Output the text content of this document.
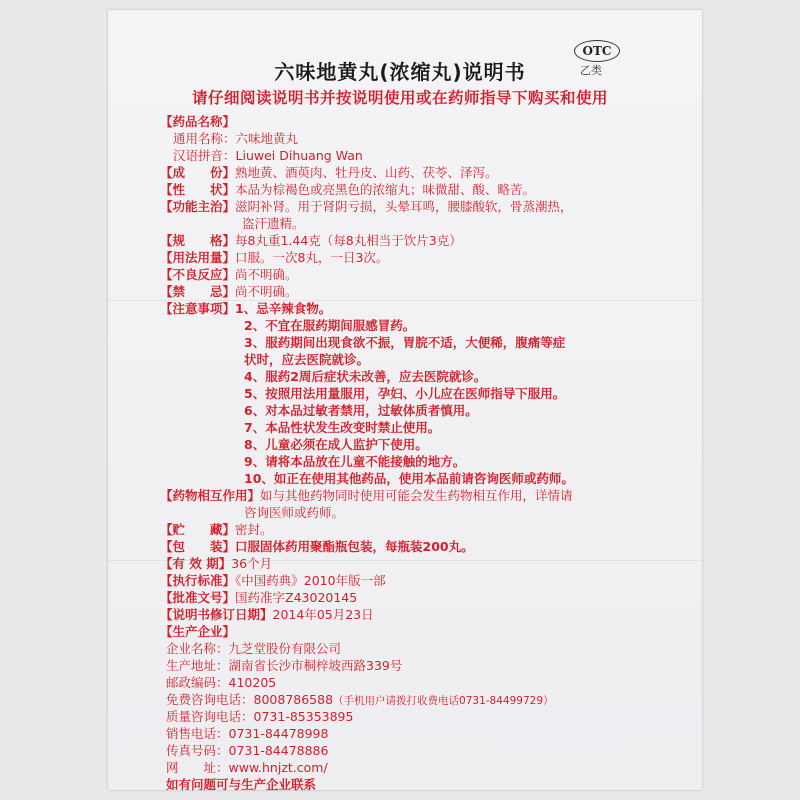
OTC
乙类
六味地黄丸(浓缩丸)说明书
请仔细阅读说明书并按说明使用或在药师指导下购买和使用
【药品名称】
通用名称：六味地黄丸
汉语拼音：Liuwei Dihuang Wan
【成　　份】熟地黄、酒萸肉、牡丹皮、山药、茯苓、泽泻。
【性　　状】本品为棕褐色或亮黑色的浓缩丸；味微甜、酸、略苦。
【功能主治】滋阴补肾。用于肾阴亏损，头晕耳鸣，腰膝酸软，骨蒸潮热，
盗汗遗精。
【规　　格】每8丸重1.44克（每8丸相当于饮片3克）
【用法用量】口服。一次8丸，一日3次。
【不良反应】尚不明确。
【禁　　忌】尚不明确。
【注意事项】1、忌辛辣食物。
2、不宜在服药期间服感冒药。
3、服药期间出现食欲不振，胃脘不适，大便稀，腹痛等症
状时，应去医院就诊。
4、服药2周后症状未改善，应去医院就诊。
5、按照用法用量服用，孕妇、小儿应在医师指导下服用。
6、对本品过敏者禁用，过敏体质者慎用。
7、本品性状发生改变时禁止使用。
8、儿童必须在成人监护下使用。
9、请将本品放在儿童不能接触的地方。
10、如正在使用其他药品，使用本品前请咨询医师或药师。
【药物相互作用】如与其他药物同时使用可能会发生药物相互作用，详情请
咨询医师或药师。
【贮　　藏】密封。
【包　　装】口服固体药用聚酯瓶包装，每瓶装200丸。
【有 效 期】36个月
【执行标准】《中国药典》2010年版一部
【批准文号】国药准字Z43020145
【说明书修订日期】2014年05月23日
【生产企业】
企业名称：九芝堂股份有限公司
生产地址：湖南省长沙市桐梓坡西路339号
邮政编码：410205
免费咨询电话：8008786588（手机用户请拨打收费电话0731-84499729）
质量咨询电话：0731-85353895
销售电话：0731-84478998
传真号码：0731-84478886
网　　址：www.hnjzt.com/
如有问题可与生产企业联系
